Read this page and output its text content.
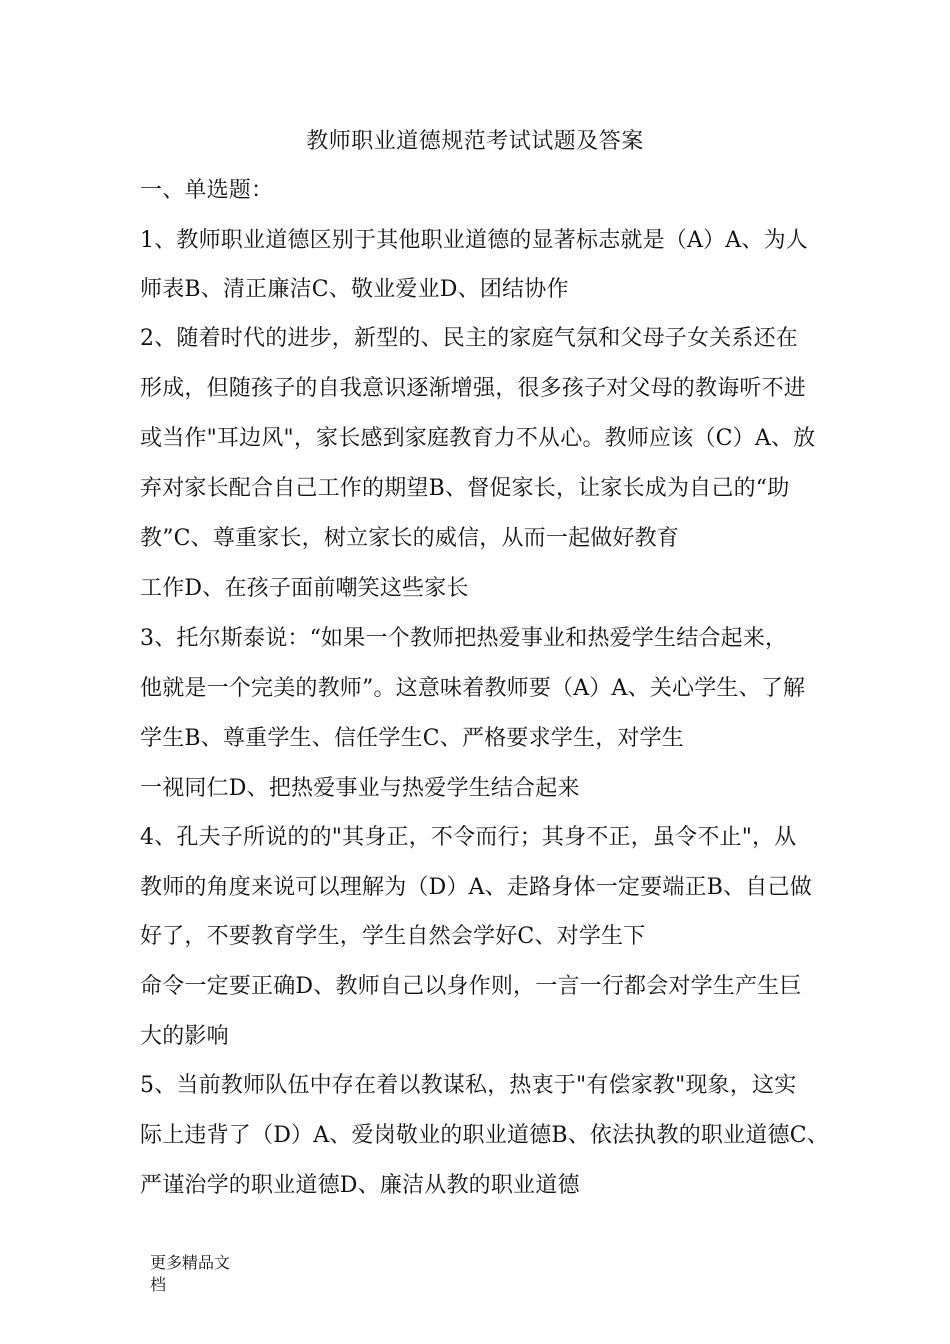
教师职业道德规范考试试题及答案
一、单选题：
1、教师职业道德区别于其他职业道德的显著标志就是（A）A、为人
师表B、清正廉洁C、敬业爱业D、团结协作
2、随着时代的进步，新型的、民主的家庭气氛和父母子女关系还在
形成，但随孩子的自我意识逐渐增强，很多孩子对父母的教诲听不进
或当作"耳边风"，家长感到家庭教育力不从心。教师应该（C）A、放
弃对家长配合自己工作的期望B、督促家长，让家长成为自己的“助
教”C、尊重家长，树立家长的威信，从而一起做好教育
工作D、在孩子面前嘲笑这些家长
3、托尔斯泰说：“如果一个教师把热爱事业和热爱学生结合起来，
他就是一个完美的教师”。这意味着教师要（A）A、关心学生、了解
学生B、尊重学生、信任学生C、严格要求学生，对学生
一视同仁D、把热爱事业与热爱学生结合起来
4、孔夫子所说的的"其身正，不令而行；其身不正，虽令不止"，从
教师的角度来说可以理解为（D）A、走路身体一定要端正B、自己做
好了，不要教育学生，学生自然会学好C、对学生下
命令一定要正确D、教师自己以身作则，一言一行都会对学生产生巨
大的影响
5、当前教师队伍中存在着以教谋私，热衷于"有偿家教"现象，这实
际上违背了（D）A、爱岗敬业的职业道德B、依法执教的职业道德C、
严谨治学的职业道德D、廉洁从教的职业道德
更多精品文
档
